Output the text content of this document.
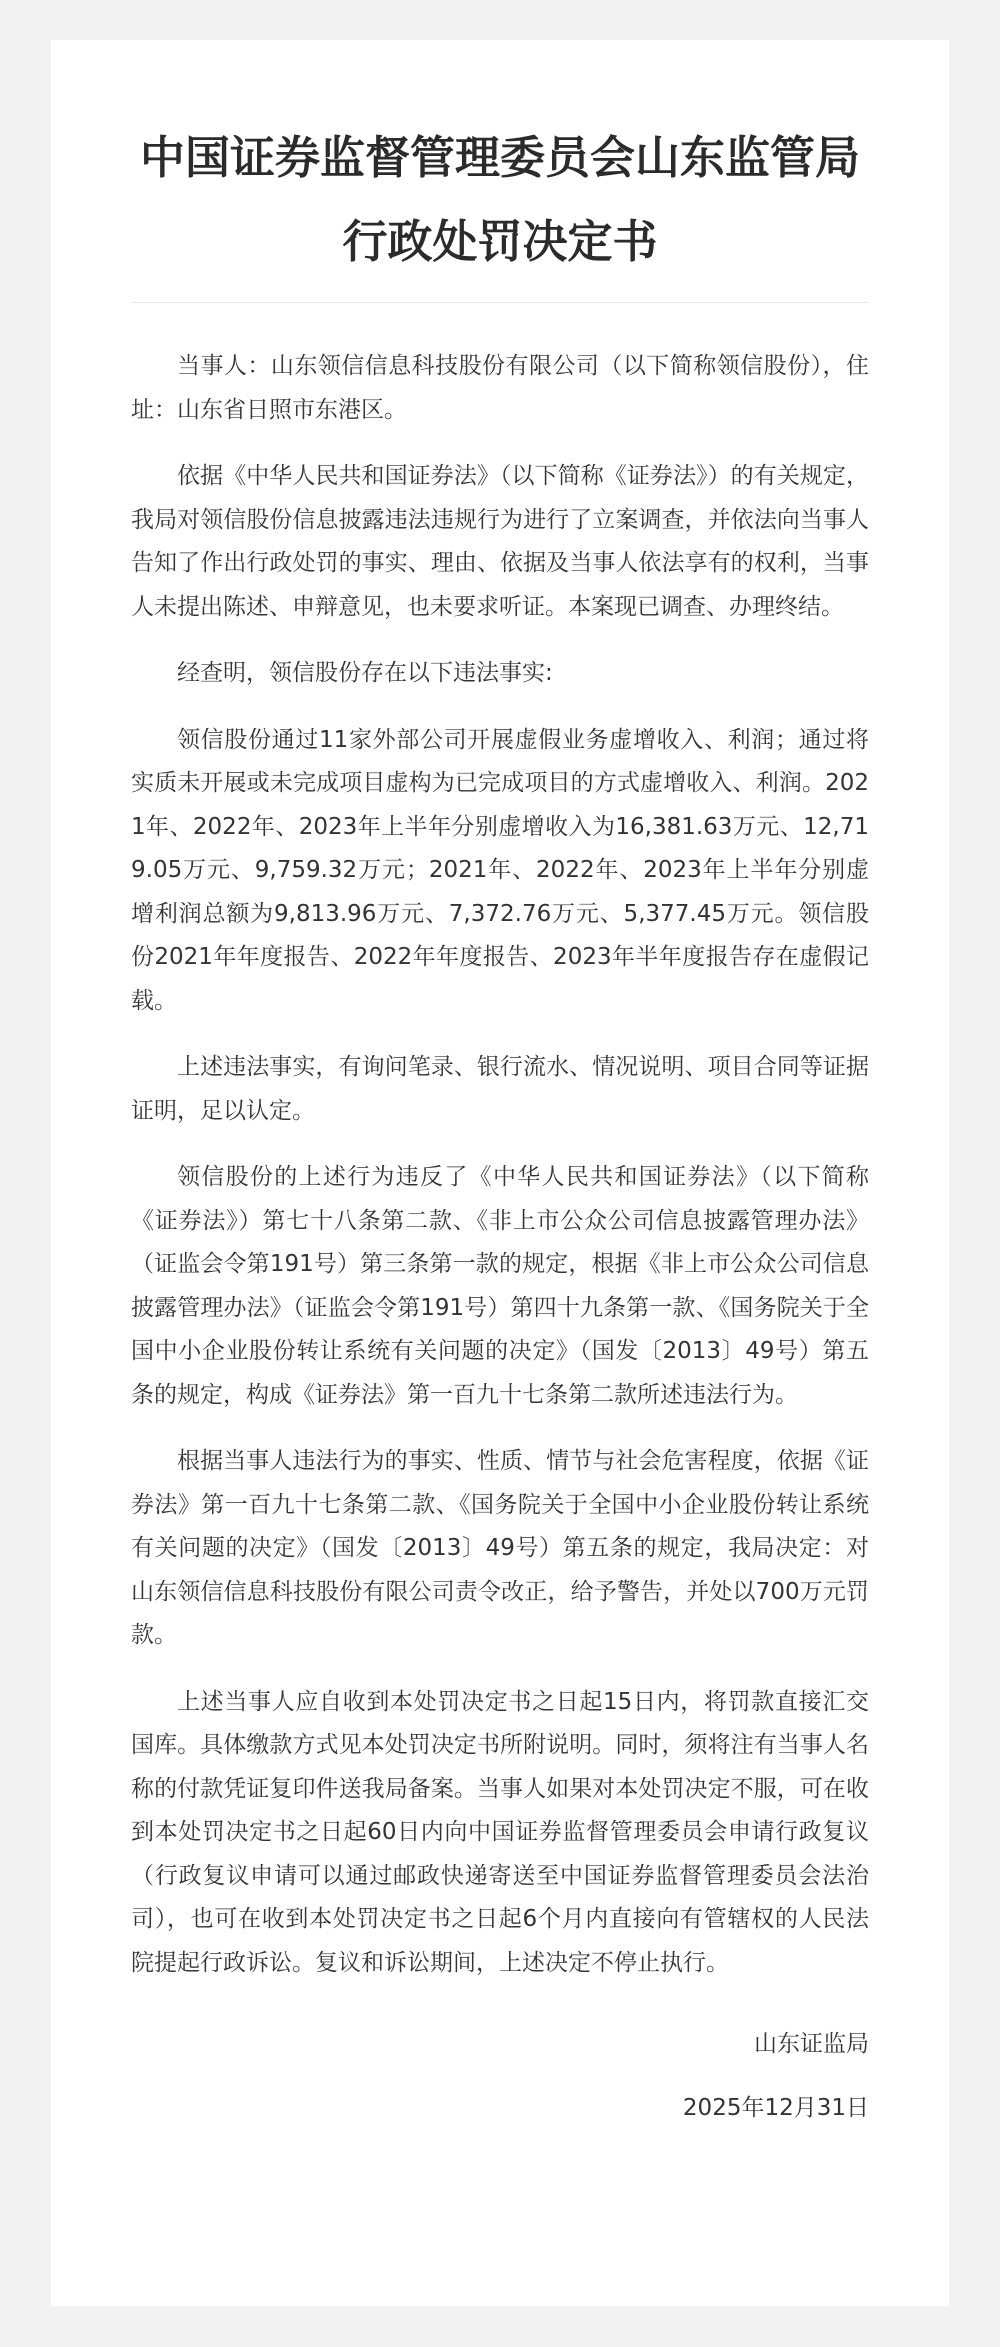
中国证券监督管理委员会山东监管局
行政处罚决定书

当事人：山东领信信息科技股份有限公司（以下简称领信股份），住址：山东省日照市东港区。

依据《中华人民共和国证券法》（以下简称《证券法》）的有关规定，我局对领信股份信息披露违法违规行为进行了立案调查，并依法向当事人告知了作出行政处罚的事实、理由、依据及当事人依法享有的权利，当事人未提出陈述、申辩意见，也未要求听证。本案现已调查、办理终结。

经查明，领信股份存在以下违法事实:

领信股份通过11家外部公司开展虚假业务虚增收入、利润；通过将实质未开展或未完成项目虚构为已完成项目的方式虚增收入、利润。2021年、2022年、2023年上半年分别虚增收入为16,381.63万元、12,719.05万元、9,759.32万元；2021年、2022年、2023年上半年分别虚增利润总额为9,813.96万元、7,372.76万元、5,377.45万元。领信股份2021年年度报告、2022年年度报告、2023年半年度报告存在虚假记载。

上述违法事实，有询问笔录、银行流水、情况说明、项目合同等证据证明，足以认定。

领信股份的上述行为违反了《中华人民共和国证券法》（以下简称《证券法》）第七十八条第二款、《非上市公众公司信息披露管理办法》（证监会令第191号）第三条第一款的规定，根据《非上市公众公司信息披露管理办法》（证监会令第191号）第四十九条第一款、《国务院关于全国中小企业股份转让系统有关问题的决定》（国发〔2013〕49号）第五条的规定，构成《证券法》第一百九十七条第二款所述违法行为。

根据当事人违法行为的事实、性质、情节与社会危害程度，依据《证券法》第一百九十七条第二款、《国务院关于全国中小企业股份转让系统有关问题的决定》（国发〔2013〕49号）第五条的规定，我局决定：对山东领信信息科技股份有限公司责令改正，给予警告，并处以700万元罚款。

上述当事人应自收到本处罚决定书之日起15日内，将罚款直接汇交国库。具体缴款方式见本处罚决定书所附说明。同时，须将注有当事人名称的付款凭证复印件送我局备案。当事人如果对本处罚决定不服，可在收到本处罚决定书之日起60日内向中国证券监督管理委员会申请行政复议（行政复议申请可以通过邮政快递寄送至中国证券监督管理委员会法治司），也可在收到本处罚决定书之日起6个月内直接向有管辖权的人民法院提起行政诉讼。复议和诉讼期间，上述决定不停止执行。

山东证监局

2025年12月31日
